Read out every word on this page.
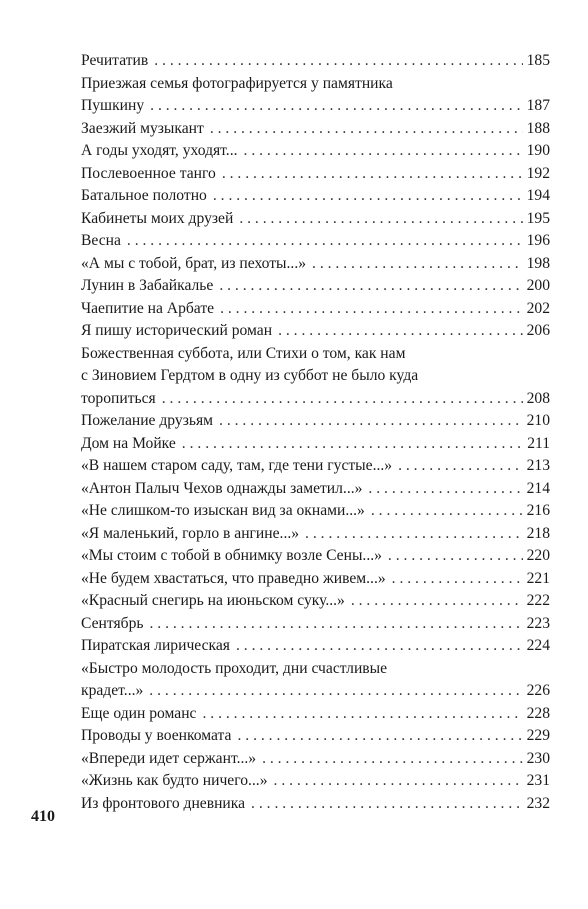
410
Речитатив . . .	185
Приезжая семья фотографируется у памятника
Пушкину . . .	187
Заезжий музыкант . . .	188
А годы уходят, уходят... . . .	190
Послевоенное танго . . .	192
Батальное полотно . . .	194
Кабинеты моих друзей . . .	195
Весна . . .	196
«А мы с тобой, брат, из пехоты...» . . .	198
Лунин в Забайкалье . . .	200
Чаепитие на Арбате . . .	202
Я пишу исторический роман . . .	206
Божественная суббота, или Стихи о том, как нам
с Зиновием Гердтом в одну из суббот не было куда
торопиться . . .	208
Пожелание друзьям . . .	210
Дом на Мойке . . .	211
«В нашем старом саду, там, где тени густые...» . . .	213
«Антон Палыч Чехов однажды заметил...» . . .	214
«Не слишком-то изыскан вид за окнами...» . . .	216
«Я маленький, горло в ангине...» . . .	218
«Мы стоим с тобой в обнимку возле Сены...» . . .	220
«Не будем хвастаться, что праведно живем...» . . .	221
«Красный снегирь на июньском суку...» . . .	222
Сентябрь . . .	223
Пиратская лирическая . . .	224
«Быстро молодость проходит, дни счастливые
крадет...» . . .	226
Еще один романс . . .	228
Проводы у военкомата . . .	229
«Впереди идет сержант...» . . .	230
«Жизнь как будто ничего...» . . .	231
Из фронтового дневника . . .	232
